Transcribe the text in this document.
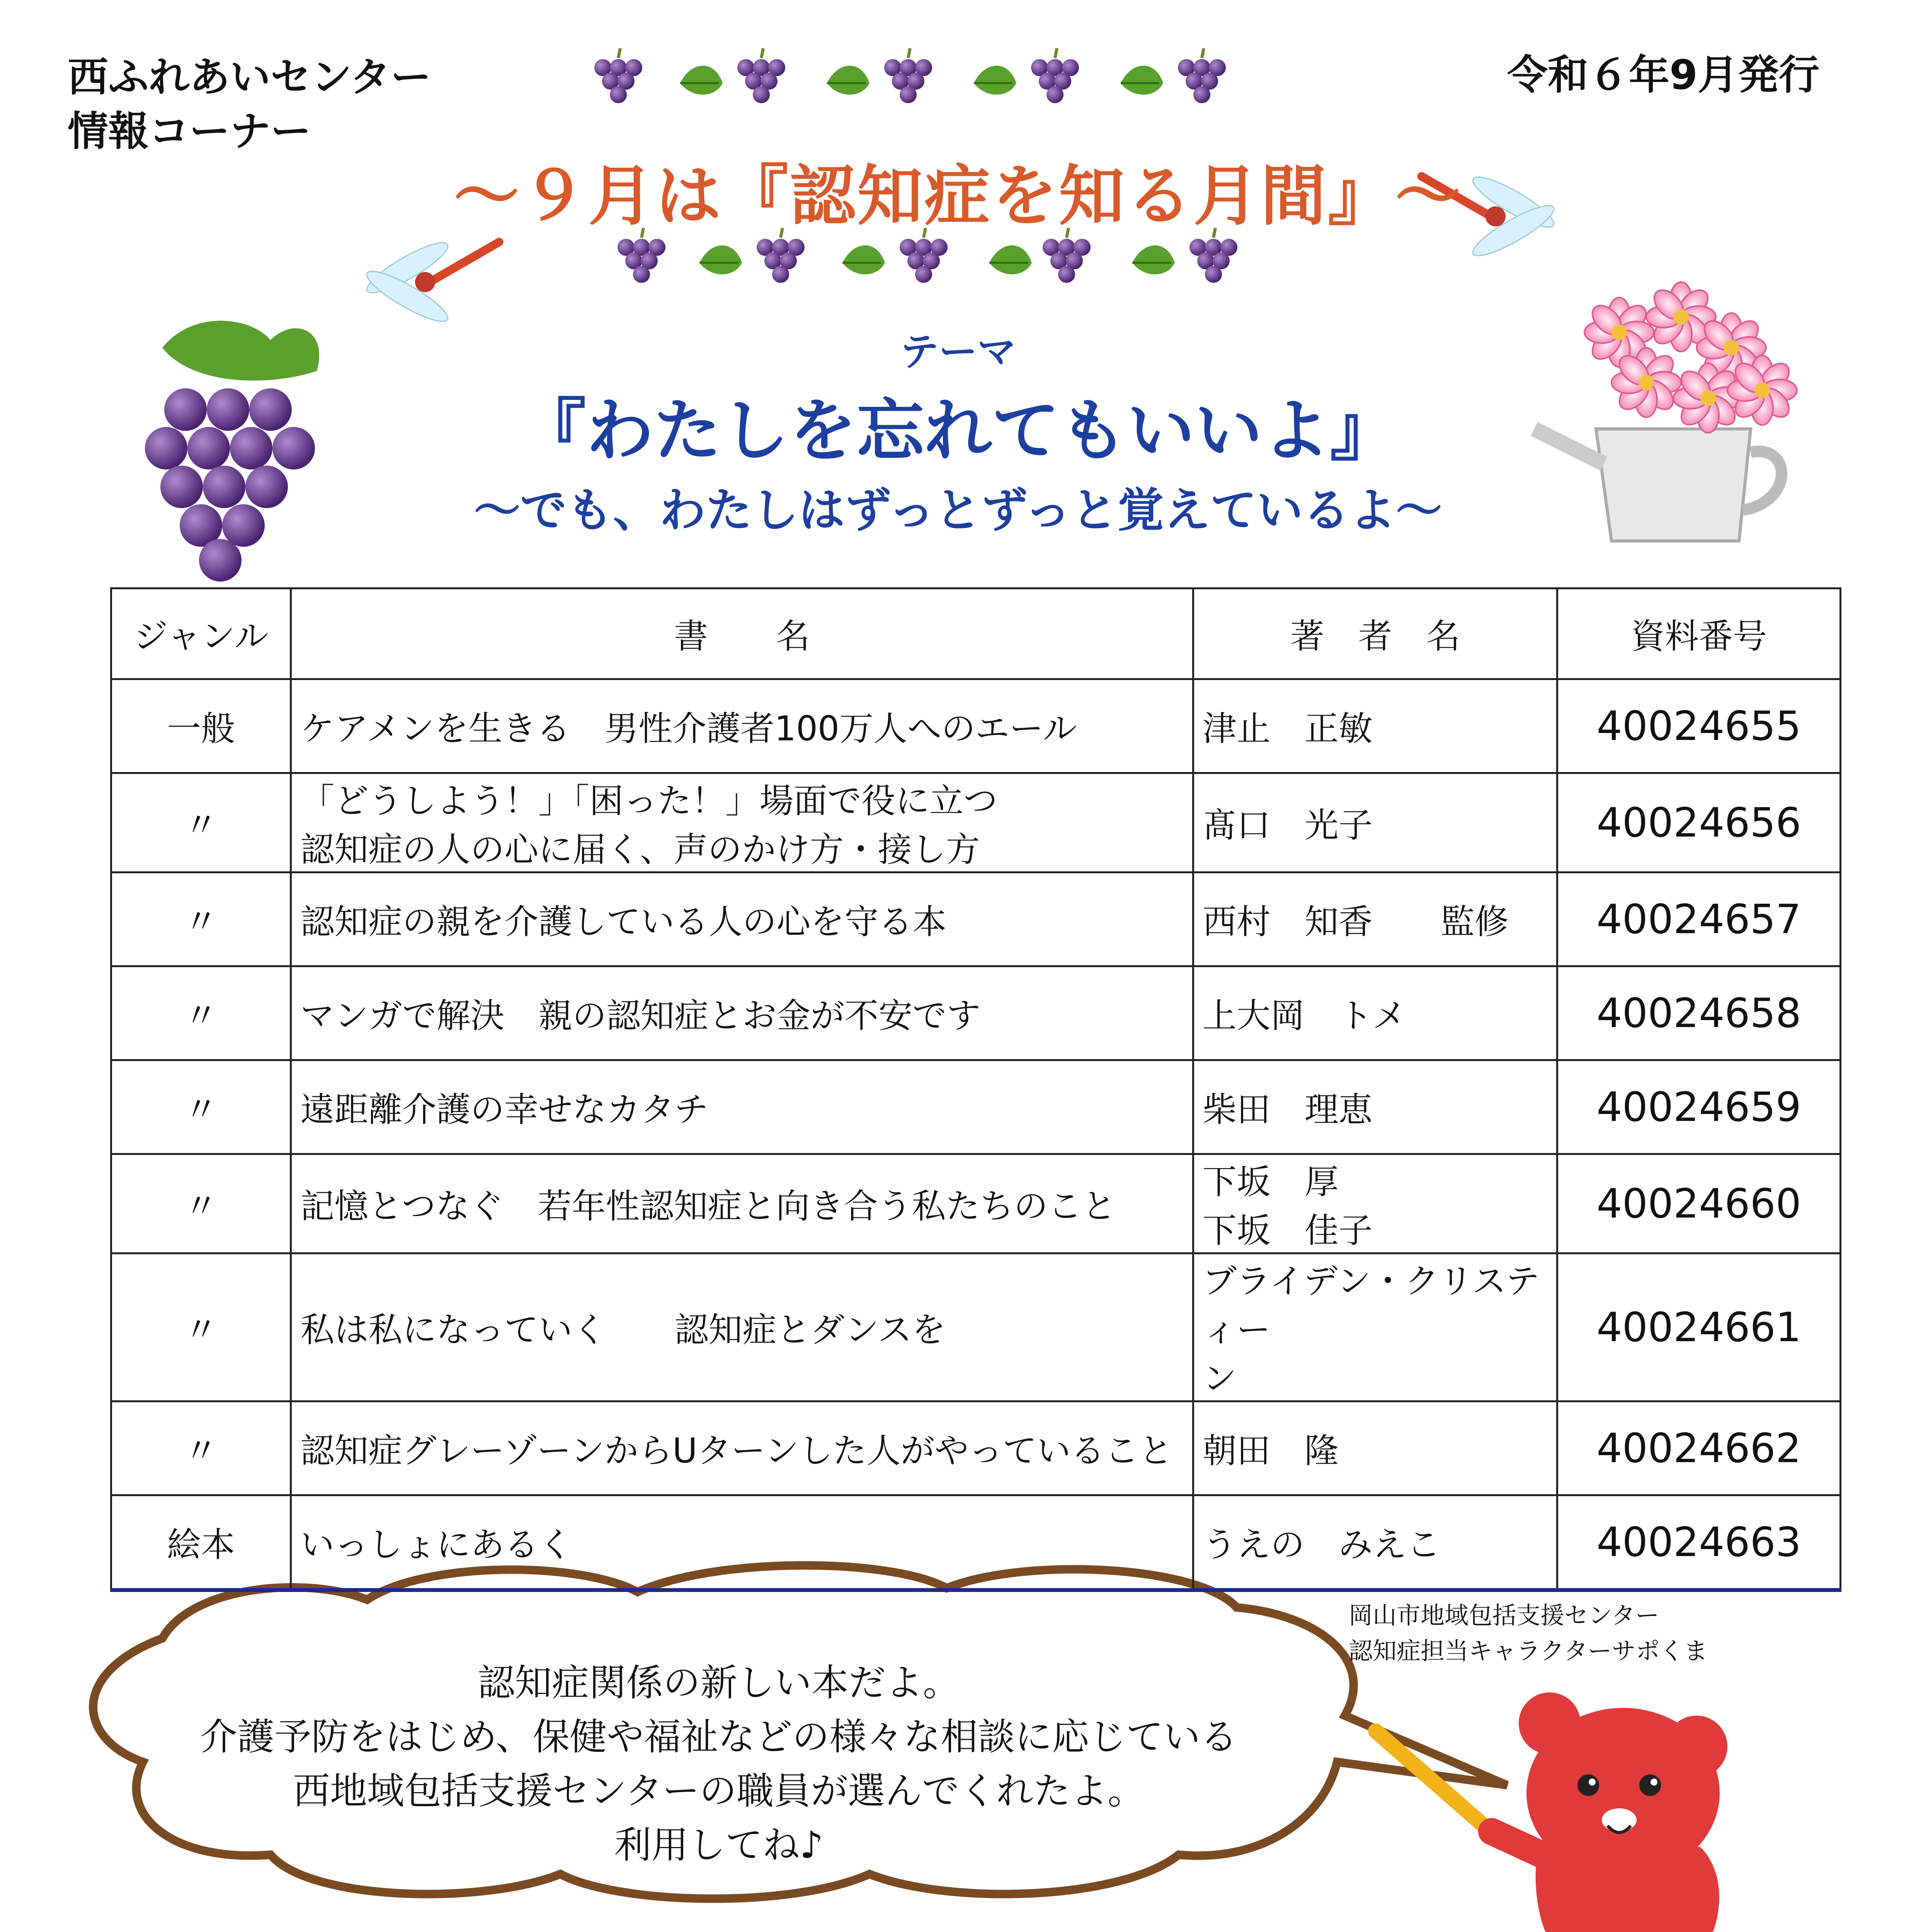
西ふれあいセンター
情報コーナー
令和６年9月発行
～９月は『認知症を知る月間』～
テーマ
『わたしを忘れてもいいよ』
～でも、わたしはずっとずっと覚えているよ～
ジャンル	書　　名	著　者　名	資料番号

一般	ケアメンを生きる　男性介護者100万人へのエール	津止　正敏	40024655

〃	「どうしよう！」「困った！」場面で役に立つ
認知症の人の心に届く、声のかけ方・接し方	髙口　光子	40024656

〃	認知症の親を介護している人の心を守る本	西村　知香　　監修	40024657

〃	マンガで解決　親の認知症とお金が不安です	上大岡　トメ	40024658

〃	遠距離介護の幸せなカタチ	柴田　理恵	40024659

〃	記憶とつなぐ　若年性認知症と向き合う私たちのこと	下坂　厚
下坂　佳子	40024660

〃	私は私になっていく　　認知症とダンスを	ブライデン・クリスティー
ン	40024661

〃	認知症グレーゾーンからUターンした人がやっていること	朝田　隆	40024662

絵本	いっしょにあるく	うえの　みえこ	40024663
認知症関係の新しい本だよ。
介護予防をはじめ、保健や福祉などの様々な相談に応じている
西地域包括支援センターの職員が選んでくれたよ。
利用してね♪
岡山市地域包括支援センター
認知症担当キャラクターサポくま
